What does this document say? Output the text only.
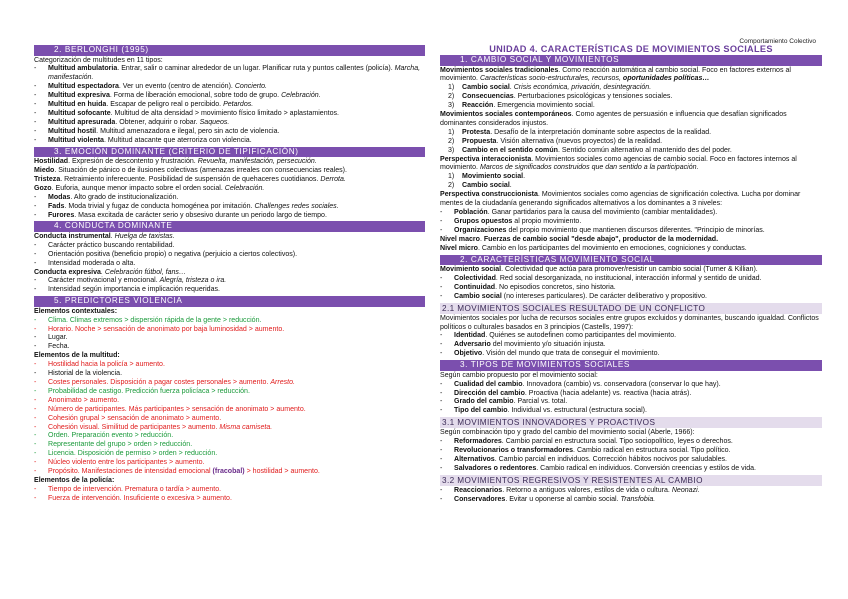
Comportamiento Colectivo
2. BERLONGHI (1995)

Categorización de multitudes en 11 tipos:

- Multitud ambulatoria. Entrar, salir o caminar alrededor de un lugar. Planificar ruta y puntos callentes (policía). Marcha, manifestación.
- Multitud espectadora. Ver un evento (centro de atención). Concierto.
- Multitud expresiva. Forma de liberación emocional, sobre todo de grupo. Celebración.
- Multitud en huida. Escapar de peligro real o percibido. Petardos.
- Multitud sofocante. Multitud de alta densidad > movimiento físico limitado > aplastamientos.
- Multitud apresurada. Obtener, adquirir o robar. Saqueos.
- Multitud hostil. Multitud amenazadora e ilegal, pero sin acto de violencia.
- Multitud violenta. Multitud atacante que aterroriza con violencia.
3. EMOCIÓN DOMINANTE (CRITERIO DE TIPIFICACIÓN)

Hostilidad. Expresión de descontento y frustración. Revuelta, manifestación, persecución.

Miedo. Situación de pánico o de ilusiones colectivas (amenazas irreales con consecuencias reales).

Tristeza. Retraimiento inferecuente. Posibilidad de suspensión de quehaceres cuotidianos. Derrota.

Gozo. Euforia, aunque menor impacto sobre el orden social. Celebración.

- Modas. Alto grado de institucionalización.
- Fads. Moda trivial y fugaz de conducta homogénea por imitación. Challenges redes sociales.
- Furores. Masa excitada de carácter serio y obsesivo durante un periodo largo de tiempo.
4. CONDUCTA DOMINANTE

Conducta instrumental. Huelga de taxistas.

- Carácter práctico buscando rentabilidad.
- Orientación positiva (beneficio propio) o negativa (perjuicio a ciertos colectivos).
- Intensidad moderada o alta.

Conducta expresiva. Celebración fútbol, fans…

- Carácter motivacional y emocional. Alegría, tristeza o ira.
- Intensidad según importancia e implicación requeridas.
5. PREDICTORES VIOLENCIA

Elementos contextuales:

- Clima. Climas extremos > dispersión rápida de la gente > reducción.
- Horario. Noche > sensación de anonimato por baja luminosidad > aumento.
- Lugar.
- Fecha.

Elementos de la multitud:

- Hostilidad hacia la policía > aumento.
- Historial de la violencia.
- Costes personales. Disposición a pagar costes personales > aumento. Arresto.
- Probabilidad de castigo. Predicción fuerza policíaca > reducción.
- Anonimato > aumento.
- Número de participantes. Más participantes > sensación de anonimato > aumento.
- Cohesión grupal > sensación de anonimato > aumento.
- Cohesión visual. Similitud de participantes > aumento. Misma camiseta.
- Orden. Preparación evento > reducción.
- Representante del grupo > orden > reducción.
- Licencia. Disposición de permiso > orden > reducción.
- Núcleo violento entre los participantes > aumento.
- Propósito. Manifestaciones de intensidad emocional (fracobal) > hostilidad > aumento.

Elementos de la policía:

- Tiempo de intervención. Prematura o tardía > aumento.
- Fuerza de intervención. Insuficiente o excesiva > aumento.
UNIDAD 4. CARACTERÍSTICAS DE MOVIMIENTOS SOCIALES
1. CAMBIO SOCIAL Y MOVIMIENTOS

Movimientos sociales tradicionales. Como reacción automática al cambio social. Foco en factores externos al movimiento. Características socio-estructurales, recursos, oportunidades políticas…

1) Cambio social. Crisis económica, privación, desintegración.
2) Consecuencias. Perturbaciones psicológicas y tensiones sociales.
3) Reacción. Emergencia movimiento social.

Movimientos sociales contemporáneos. Como agentes de persuasión e influencia que desafían significados dominantes considerados injustos.

1) Protesta. Desafío de la interpretación dominante sobre aspectos de la realidad.
2) Propuesta. Visión alternativa (nuevos proyectos) de la realidad.
3) Cambio en el sentido común. Sentido común alternativo al mantenido des del poder.

Perspectiva interaccionista. Movimientos sociales como agencias de cambio social. Foco en factores internos al movimiento. Marcos de significados construidos que dan sentido a la participación.

1) Movimiento social.
2) Cambio social.

Perspectiva construccionista. Movimientos sociales como agencias de significación colectiva. Lucha por dominar mentes de la ciudadanía generando significados alternativos a los dominantes a 3 niveles:

- Población. Ganar partidarios para la causa del movimiento (cambiar mentalidades).
- Grupos opuestos al propio movimiento.
- Organizaciones del propio movimiento que mantienen discursos diferentes. "Principio de minorías.

Nivel macro. Fuerzas de cambio social "desde abajo", productor de la modernidad.

Nivel micro. Cambio en los participantes del movimiento en emociones, cogniciones y conductas.

2. CARACTERÍSTICAS MOVIMIENTO SOCIAL

Movimiento social. Colectividad que actúa para promover/resistir un cambio social (Turner & Killian).

- Colectividad. Red social desorganizada, no institucional, interacción informal y sentido de unidad.
- Continuidad. No episodios concretos, sino historia.
- Cambio social (no intereses particulares). De carácter deliberativo y propositivo.
2.1 MOVIMIENTOS SOCIALES RESULTADO DE UN CONFLICTO

Movimientos sociales por lucha de recursos sociales entre grupos excluidos y dominantes, buscando igualdad. Conflictos políticos o culturales basados en 3 principios (Castells, 1997):

- Identidad. Quiénes se autodefinen como participantes del movimiento.
- Adversario del movimiento y/o situación injusta.
- Objetivo. Visión del mundo que trata de conseguir el movimiento.
3. TIPOS DE MOVIMIENTOS SOCIALES

Según cambio propuesto por el movimiento social:

- Cualidad del cambio. Innovadora (cambio) vs. conservadora (conservar lo que hay).
- Dirección del cambio. Proactiva (hacia adelante) vs. reactiva (hacia atrás).
- Grado del cambio. Parcial vs. total.
- Tipo del cambio. Individual vs. estructural (estructura social).
3.1 MOVIMIENTOS INNOVADORES Y PROACTIVOS

Según combinación tipo y grado del cambio del movimiento social (Aberle, 1966):

- Reformadores. Cambio parcial en estructura social. Tipo sociopolítico, leyes o derechos.
- Revolucionarios o transformadores. Cambio radical en estructura social. Tipo político.
- Alternativos. Cambio parcial en individuos. Corrección hábitos nocivos por saludables.
- Salvadores o redentores. Cambio radical en individuos. Conversión creencias y estilos de vida.
3.2 MOVIMIENTOS REGRESIVOS Y RESISTENTES AL CAMBIO
- Reaccionarios. Retorno a antiguos valores, estilos de vida o cultura. Neonazi.
- Conservadores. Evitar u oponerse al cambio social. Transfobia.
